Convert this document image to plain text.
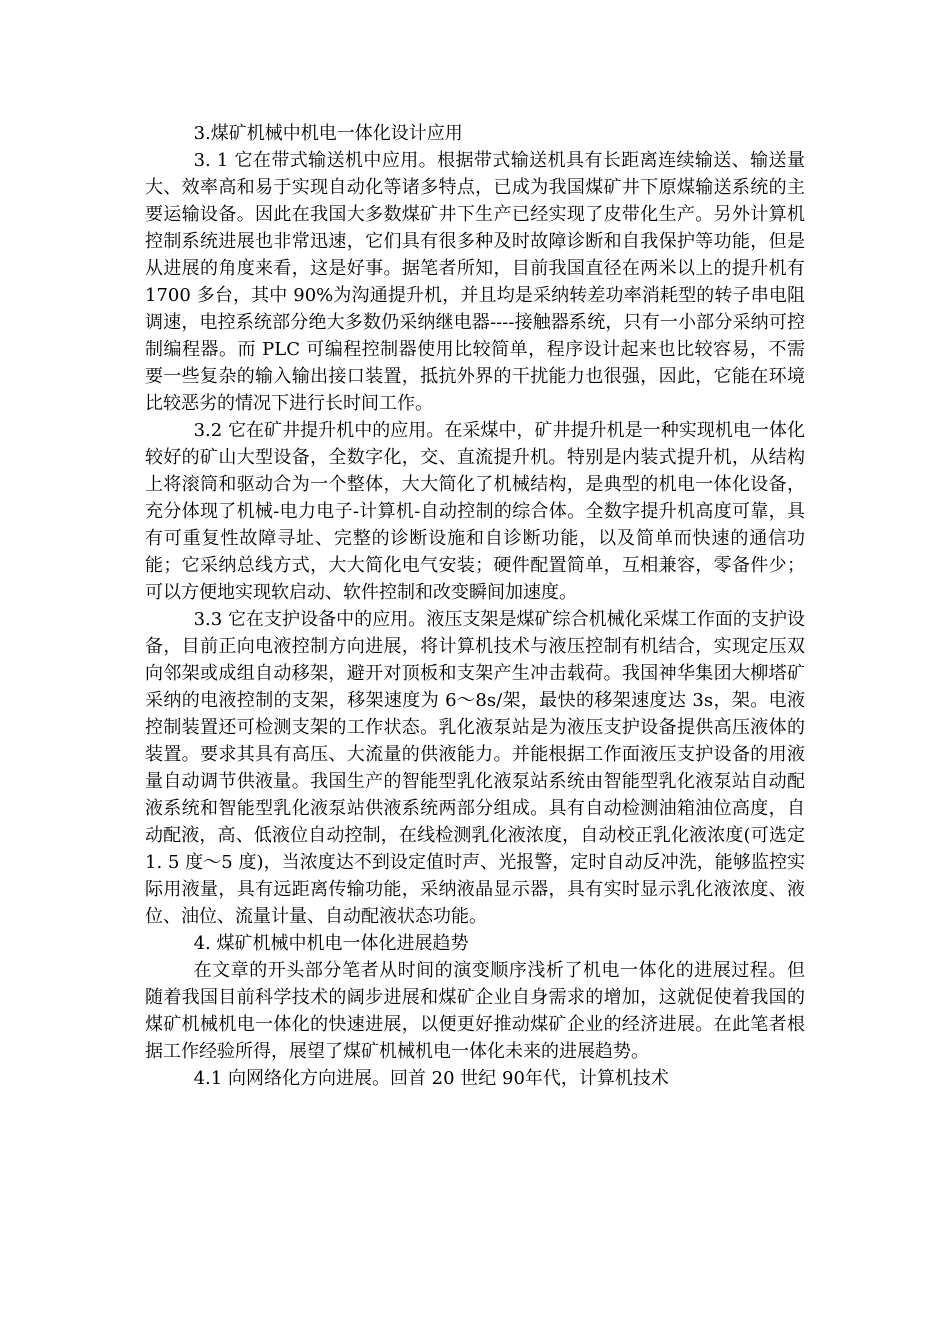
3.煤矿机械中机电一体化设计应用

3. 1 它在带式输送机中应用。根据带式输送机具有长距离连续输送、输送量大、效率高和易于实现自动化等诸多特点，已成为我国煤矿井下原煤输送系统的主要运输设备。因此在我国大多数煤矿井下生产已经实现了皮带化生产。另外计算机控制系统进展也非常迅速，它们具有很多种及时故障诊断和自我保护等功能，但是从进展的角度来看，这是好事。据笔者所知，目前我国直径在两米以上的提升机有 1700 多台，其中 90%为沟通提升机，并且均是采纳转差功率消耗型的转子串电阻调速，电控系统部分绝大多数仍采纳继电器----接触器系统，只有一小部分采纳可控制编程器。而 PLC 可编程控制器使用比较简单，程序设计起来也比较容易，不需要一些复杂的输入输出接口装置，抵抗外界的干扰能力也很强，因此，它能在环境比较恶劣的情况下进行长时间工作。

3.2 它在矿井提升机中的应用。在采煤中，矿井提升机是一种实现机电一体化较好的矿山大型设备，全数字化，交、直流提升机。特别是内装式提升机，从结构上将滚筒和驱动合为一个整体，大大简化了机械结构，是典型的机电一体化设备，充分体现了机械-电力电子-计算机-自动控制的综合体。全数字提升机高度可靠，具有可重复性故障寻址、完整的诊断设施和自诊断功能，以及简单而快速的通信功能；它采纳总线方式，大大简化电气安装；硬件配置简单，互相兼容，零备件少；可以方便地实现软启动、软件控制和改变瞬间加速度。

3.3 它在支护设备中的应用。液压支架是煤矿综合机械化采煤工作面的支护设备，目前正向电液控制方向进展，将计算机技术与液压控制有机结合，实现定压双向邻架或成组自动移架，避开对顶板和支架产生冲击载荷。我国神华集团大柳塔矿采纳的电液控制的支架，移架速度为 6～8s/架，最快的移架速度达 3s，架。电液控制装置还可检测支架的工作状态。乳化液泵站是为液压支护设备提供高压液体的装置。要求其具有高压、大流量的供液能力。并能根据工作面液压支护设备的用液量自动调节供液量。我国生产的智能型乳化液泵站系统由智能型乳化液泵站自动配液系统和智能型乳化液泵站供液系统两部分组成。具有自动检测油箱油位高度，自动配液，高、低液位自动控制，在线检测乳化液浓度，自动校正乳化液浓度(可选定 1. 5 度～5 度)，当浓度达不到设定值时声、光报警，定时自动反冲洗，能够监控实际用液量，具有远距离传输功能，采纳液晶显示器，具有实时显示乳化液浓度、液位、油位、流量计量、自动配液状态功能。

4. 煤矿机械中机电一体化进展趋势

在文章的开头部分笔者从时间的演变顺序浅析了机电一体化的进展过程。但随着我国目前科学技术的阔步进展和煤矿企业自身需求的增加，这就促使着我国的煤矿机械机电一体化的快速进展，以便更好推动煤矿企业的经济进展。在此笔者根据工作经验所得，展望了煤矿机械机电一体化未来的进展趋势。

4.1 向网络化方向进展。回首 20 世纪 90年代，计算机技术
